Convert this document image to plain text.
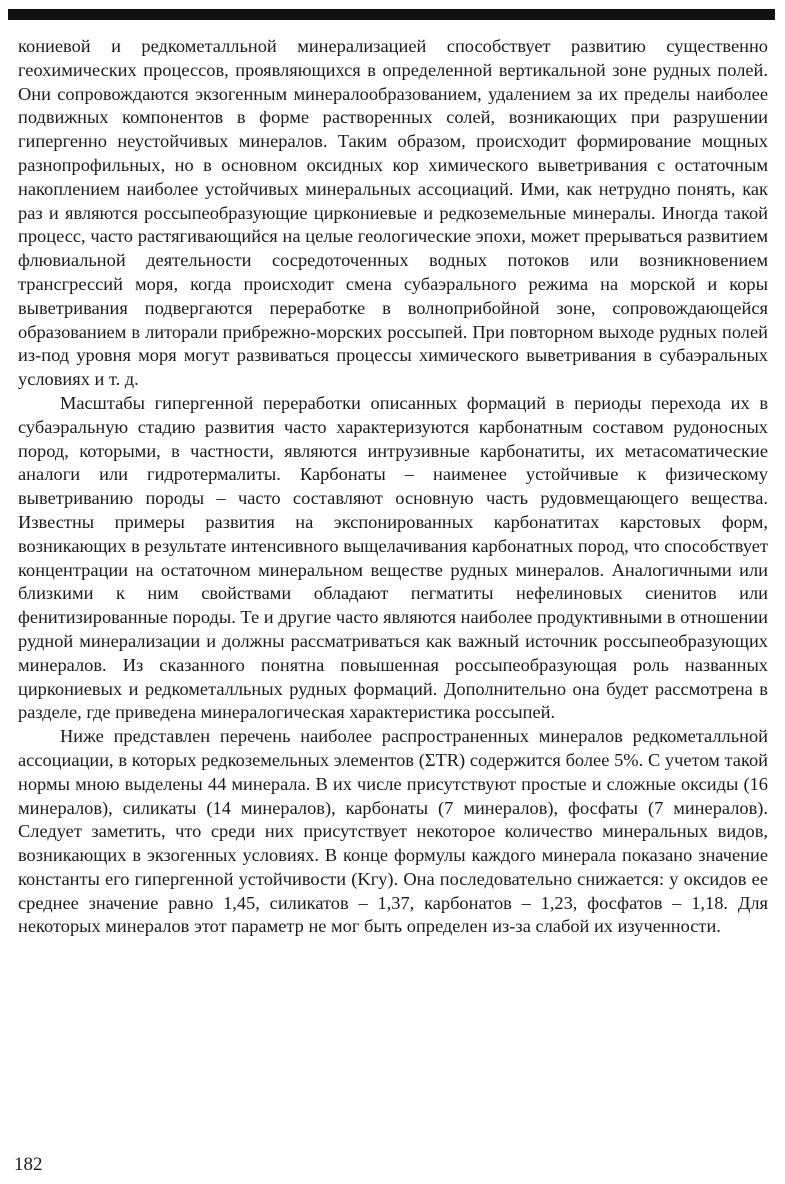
кониевой и редкометалльной минерализацией способствует развитию существенно геохимических процессов, проявляющихся в определенной вертикальной зоне рудных полей. Они сопровождаются экзогенным минералообразованием, удалением за их пределы наиболее подвижных компонентов в форме растворенных солей, возникающих при разрушении гипергенно неустойчивых минералов. Таким образом, происходит формирование мощных разнопрофильных, но в основном оксидных кор химического выветривания с остаточным накоплением наиболее устойчивых минеральных ассоциаций. Ими, как нетрудно понять, как раз и являются россыпеобразующие циркониевые и редкоземельные минералы. Иногда такой процесс, часто растягивающийся на целые геологические эпохи, может прерываться развитием флювиальной деятельности сосредоточенных водных потоков или возникновением трансгрессий моря, когда происходит смена субаэрального режима на морской и коры выветривания подвергаются переработке в волноприбойной зоне, сопровождающейся образованием в литорали прибрежно-морских россыпей. При повторном выходе рудных полей из-под уровня моря могут развиваться процессы химического выветривания в субаэральных условиях и т. д.

Масштабы гипергенной переработки описанных формаций в периоды перехода их в субаэральную стадию развития часто характеризуются карбонатным составом рудоносных пород, которыми, в частности, являются интрузивные карбонатиты, их метасоматические аналоги или гидротермалиты. Карбонаты – наименее устойчивые к физическому выветриванию породы – часто составляют основную часть рудовмещающего вещества. Известны примеры развития на экспонированных карбонатитах карстовых форм, возникающих в результате интенсивного выщелачивания карбонатных пород, что способствует концентрации на остаточном минеральном веществе рудных минералов. Аналогичными или близкими к ним свойствами обладают пегматиты нефелиновых сиенитов или фенитизированные породы. Те и другие часто являются наиболее продуктивными в отношении рудной минерализации и должны рассматриваться как важный источник россыпеобразующих минералов. Из сказанного понятна повышенная россыпеобразующая роль названных циркониевых и редкометалльных рудных формаций. Дополнительно она будет рассмотрена в разделе, где приведена минералогическая характеристика россыпей.

Ниже представлен перечень наиболее распространенных минералов редкометалльной ассоциации, в которых редкоземельных элементов (ΣTR) содержится более 5%. С учетом такой нормы мною выделены 44 минерала. В их числе присутствуют простые и сложные оксиды (16 минералов), силикаты (14 минералов), карбонаты (7 минералов), фосфаты (7 минералов). Следует заметить, что среди них присутствует некоторое количество минеральных видов, возникающих в экзогенных условиях. В конце формулы каждого минерала показано значение константы его гипергенной устойчивости (Kгу). Она последовательно снижается: у оксидов ее среднее значение равно 1,45, силикатов – 1,37, карбонатов – 1,23, фосфатов – 1,18. Для некоторых минералов этот параметр не мог быть определен из-за слабой их изученности.

182
